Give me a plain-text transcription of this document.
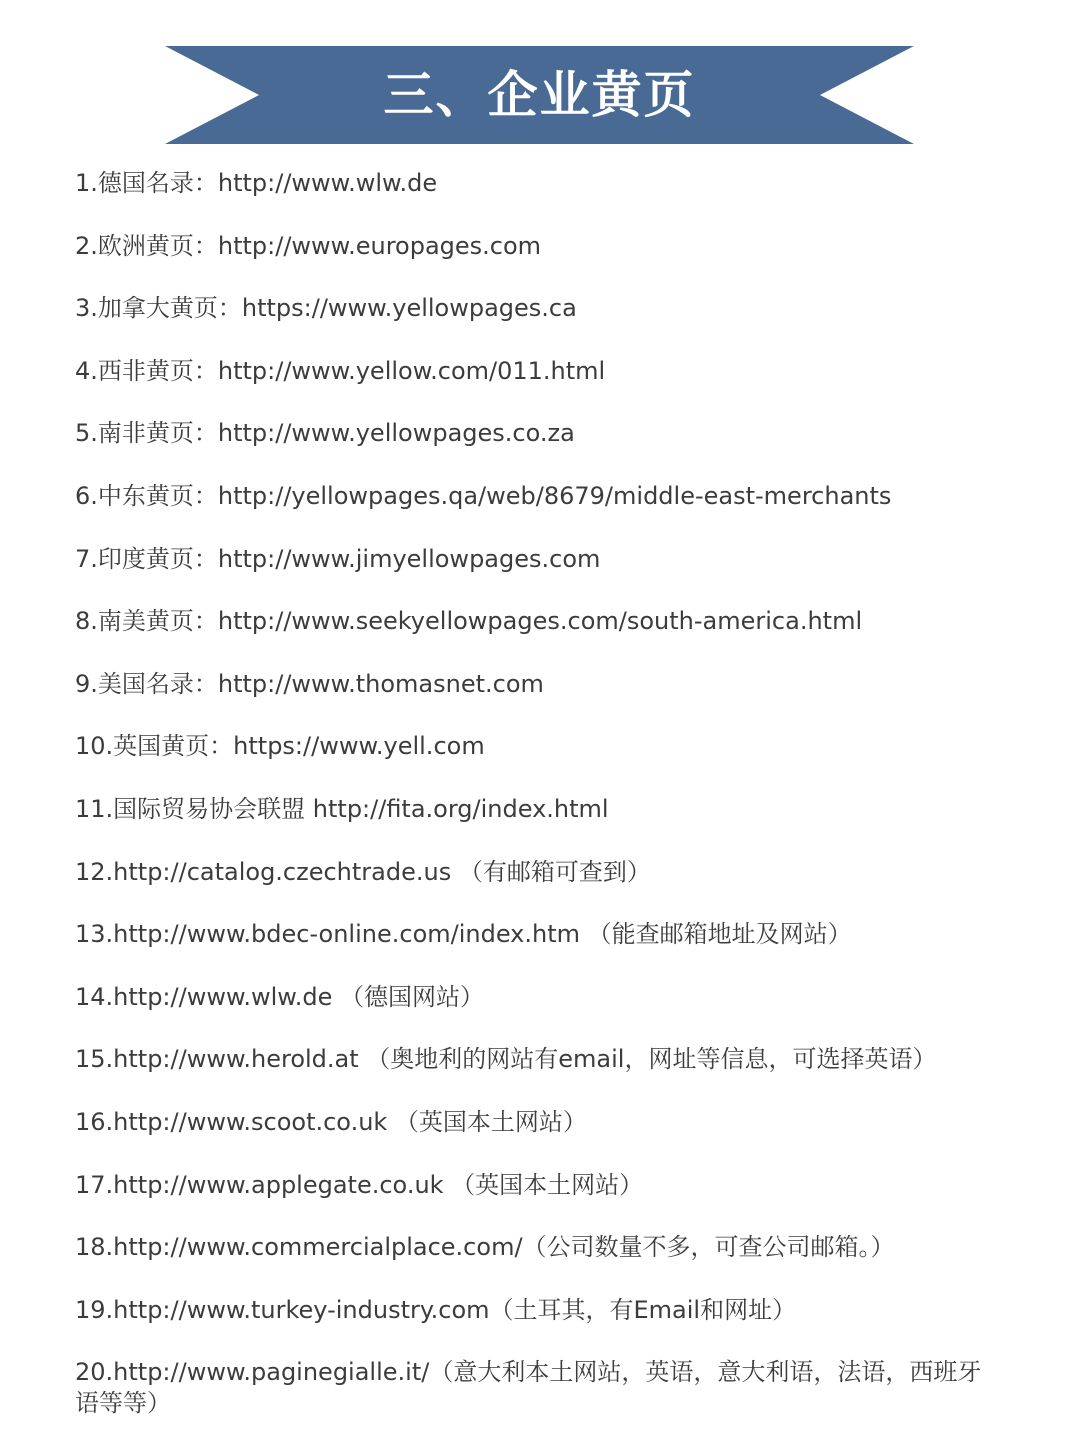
三、企业黄页
1.德国名录：http://www.wlw.de
2.欧洲黄页：http://www.europages.com
3.加拿大黄页：https://www.yellowpages.ca
4.西非黄页：http://www.yellow.com/011.html
5.南非黄页：http://www.yellowpages.co.za
6.中东黄页：http://yellowpages.qa/web/8679/middle-east-merchants
7.印度黄页：http://www.jimyellowpages.com
8.南美黄页：http://www.seekyellowpages.com/south-america.html
9.美国名录：http://www.thomasnet.com
10.英国黄页：https://www.yell.com
11.国际贸易协会联盟 http://fita.org/index.html
12.http://catalog.czechtrade.us （有邮箱可查到）
13.http://www.bdec-online.com/index.htm （能查邮箱地址及网站）
14.http://www.wlw.de （德国网站）
15.http://www.herold.at （奥地利的网站有email，网址等信息，可选择英语）
16.http://www.scoot.co.uk （英国本土网站）
17.http://www.applegate.co.uk （英国本土网站）
18.http://www.commercialplace.com/（公司数量不多，可查公司邮箱。）
19.http://www.turkey-industry.com（土耳其，有Email和网址）
20.http://www.paginegialle.it/（意大利本土网站，英语，意大利语，法语，西班牙语等等）
